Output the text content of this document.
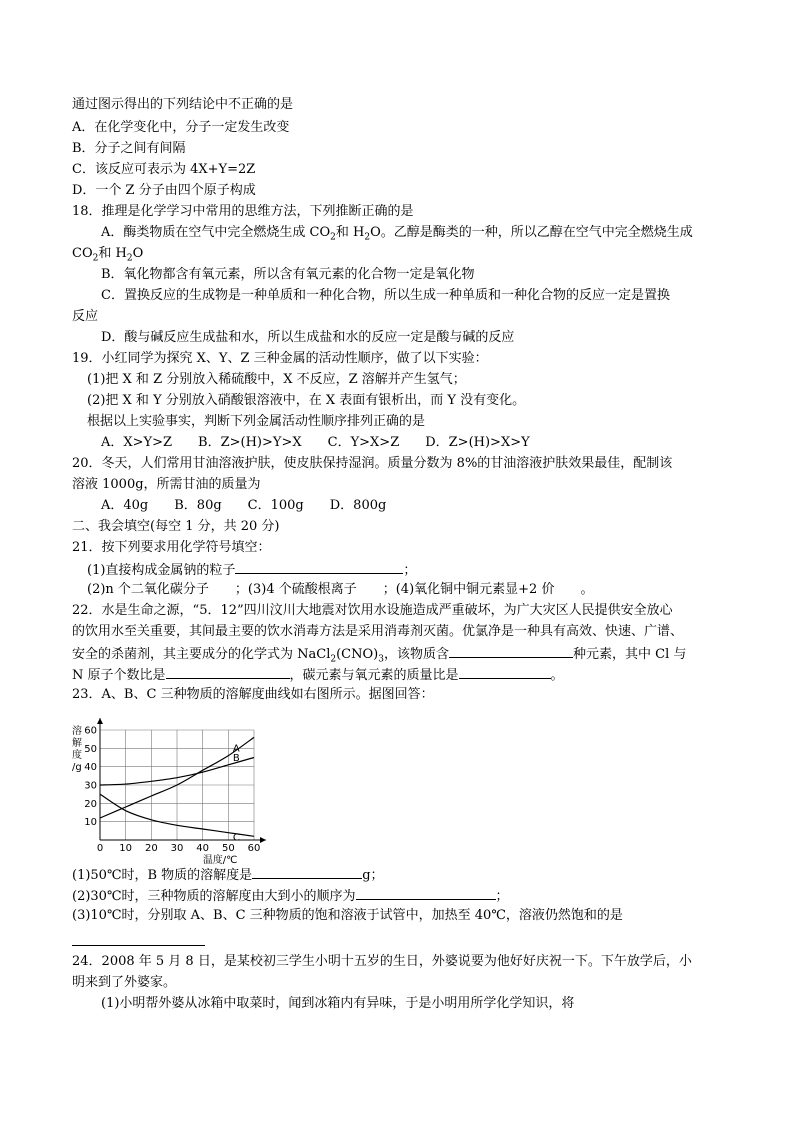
通过图示得出的下列结论中不正确的是
A．在化学变化中，分子一定发生改变
B．分子之间有间隔
C．该反应可表示为 4X+Y=2Z
D．一个 Z 分子由四个原子构成
18．推理是化学学习中常用的思维方法，下列推断正确的是
A．酶类物质在空气中完全燃烧生成 $CO_2$和 $H_2O$。乙醇是酶类的一种，所以乙醇在空气中完全燃烧生成
$CO_2$和 $H_2O$
B．氧化物都含有氧元素，所以含有氧元素的化合物一定是氧化物
C．置换反应的生成物是一种单质和一种化合物，所以生成一种单质和一种化合物的反应一定是置换
反应
D．酸与碱反应生成盐和水，所以生成盐和水的反应一定是酸与碱的反应
19．小红同学为探究 X、Y、Z 三种金属的活动性顺序，做了以下实验：
(1)把 X 和 Z 分别放入稀硫酸中，X 不反应，Z 溶解并产生氢气；
(2)把 X 和 Y 分别放入硝酸银溶液中，在 X 表面有银析出，而 Y 没有变化。
根据以上实验事实，判断下列金属活动性顺序排列正确的是
A．X>Y>Z　　B．Z>(H)>Y>X　　C．Y>X>Z　　D．Z>(H)>X>Y
20．冬天，人们常用甘油溶液护肤，使皮肤保持湿润。质量分数为 8%的甘油溶液护肤效果最佳，配制该
溶液 1000g，所需甘油的质量为
A．40g　　B．80g　　C．100g　　D．800g
二、我会填空(每空 1 分，共 20 分)
21．按下列要求用化学符号填空：
(1)直接构成金属钠的粒子	；
(2)n 个二氧化碳分子　　；(3)4 个硫酸根离子　　；(4)氧化铜中铜元素显+2 价　　。
22．水是生命之源，“5．12”四川汶川大地震对饮用水设施造成严重破坏，为广大灾区人民提供安全放心
的饮用水至关重要，其间最主要的饮水消毒方法是采用消毒剂灭菌。优氯净是一种具有高效、快速、广谱、
安全的杀菌剂，其主要成分的化学式为 $NaCl_2(CNO)_3$，该物质含	种元素，其中 Cl 与
N 原子个数比是	，碳元素与氧元素的质量比是	。
23．A、B、C 三种物质的溶解度曲线如右图所示。据图回答：
0 10 20 30 40 50 60
10
20
30
40
50
60
A
B
C
溶
解
度
/g
温度/℃
(1)50℃时，B 物质的溶解度是	g；
(2)30℃时，三种物质的溶解度由大到小的顺序为	；
(3)10℃时，分别取 A、B、C 三种物质的饱和溶液于试管中，加热至 40℃，溶液仍然饱和的是
24．2008 年 5 月 8 日，是某校初三学生小明十五岁的生日，外婆说要为他好好庆祝一下。下午放学后，小
明来到了外婆家。
(1)小明帮外婆从冰箱中取菜时，闻到冰箱内有异味，于是小明用所学化学知识，将
